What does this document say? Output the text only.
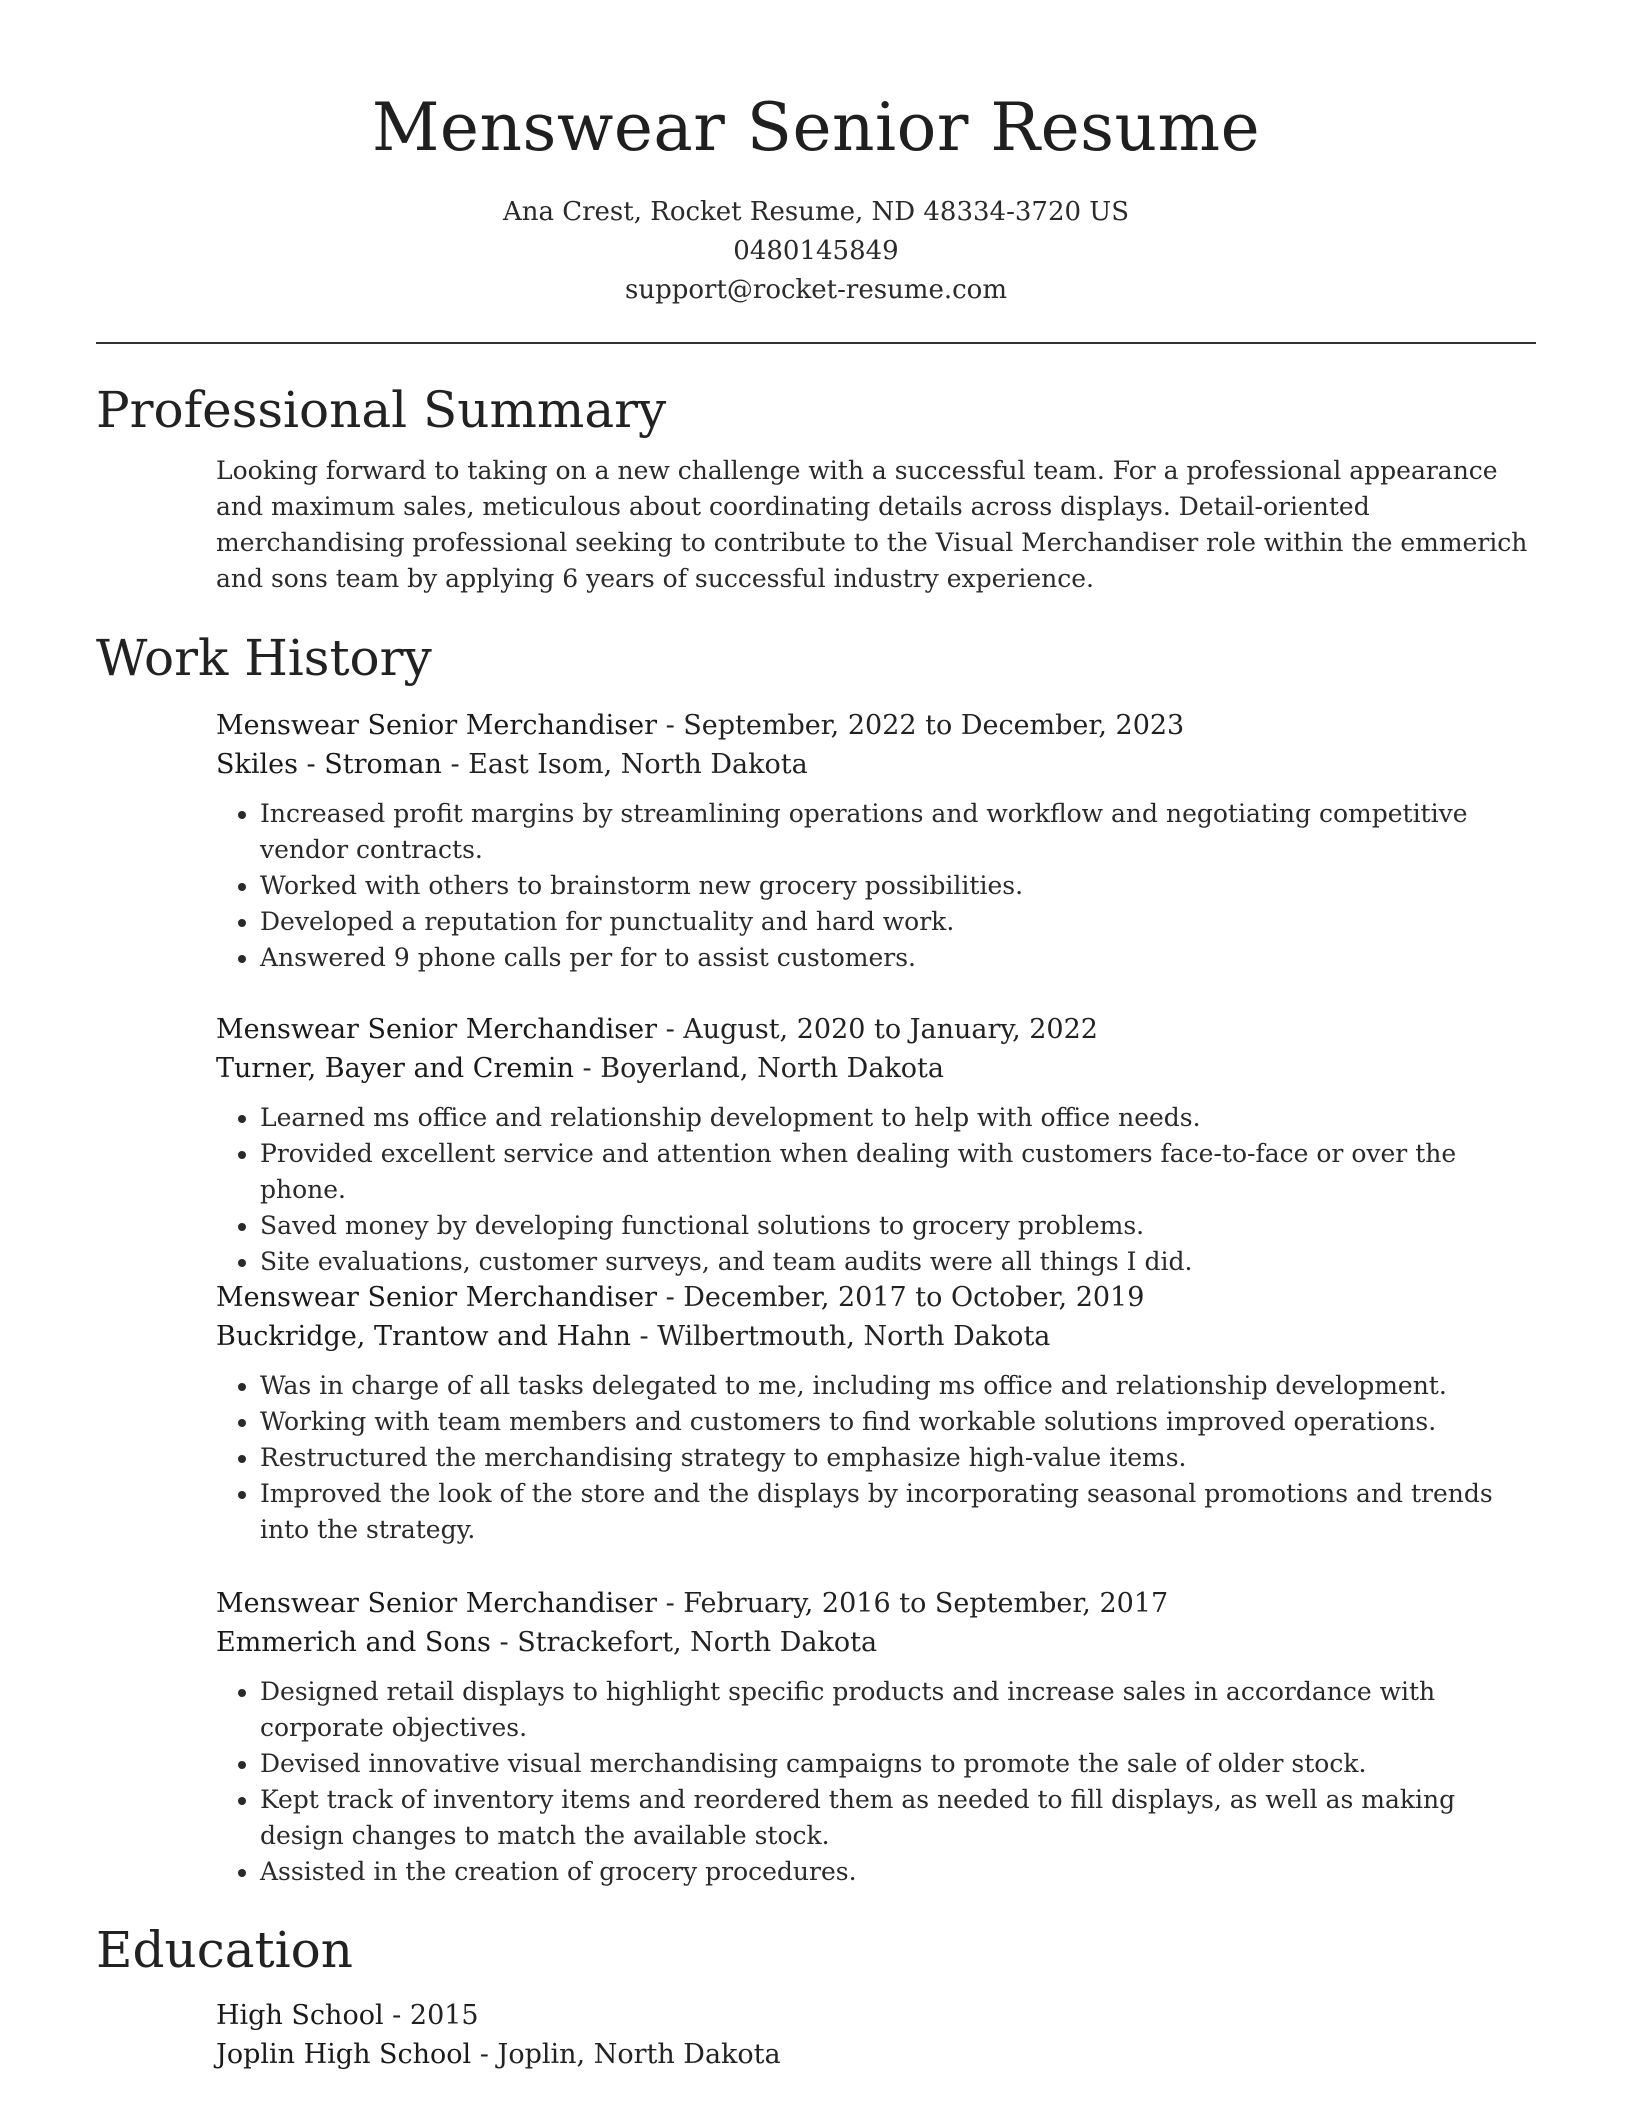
Menswear Senior Resume
Ana Crest, Rocket Resume, ND 48334-3720 US
0480145849
support@rocket-resume.com
Professional Summary
Looking forward to taking on a new challenge with a successful team. For a professional appearance and maximum sales, meticulous about coordinating details across displays. Detail-oriented merchandising professional seeking to contribute to the Visual Merchandiser role within the emmerich and sons team by applying 6 years of successful industry experience.
Work History
Menswear Senior Merchandiser - September, 2022 to December, 2023
Skiles - Stroman - East Isom, North Dakota
• Increased profit margins by streamlining operations and workflow and negotiating competitive vendor contracts.
• Worked with others to brainstorm new grocery possibilities.
• Developed a reputation for punctuality and hard work.
• Answered 9 phone calls per for to assist customers.
Menswear Senior Merchandiser - August, 2020 to January, 2022
Turner, Bayer and Cremin - Boyerland, North Dakota
• Learned ms office and relationship development to help with office needs.
• Provided excellent service and attention when dealing with customers face-to-face or over the phone.
• Saved money by developing functional solutions to grocery problems.
• Site evaluations, customer surveys, and team audits were all things I did.
Menswear Senior Merchandiser - December, 2017 to October, 2019
Buckridge, Trantow and Hahn - Wilbertmouth, North Dakota
• Was in charge of all tasks delegated to me, including ms office and relationship development.
• Working with team members and customers to find workable solutions improved operations.
• Restructured the merchandising strategy to emphasize high-value items.
• Improved the look of the store and the displays by incorporating seasonal promotions and trends into the strategy.
Menswear Senior Merchandiser - February, 2016 to September, 2017
Emmerich and Sons - Strackefort, North Dakota
• Designed retail displays to highlight specific products and increase sales in accordance with corporate objectives.
• Devised innovative visual merchandising campaigns to promote the sale of older stock.
• Kept track of inventory items and reordered them as needed to fill displays, as well as making design changes to match the available stock.
• Assisted in the creation of grocery procedures.
Education
High School - 2015
Joplin High School - Joplin, North Dakota
